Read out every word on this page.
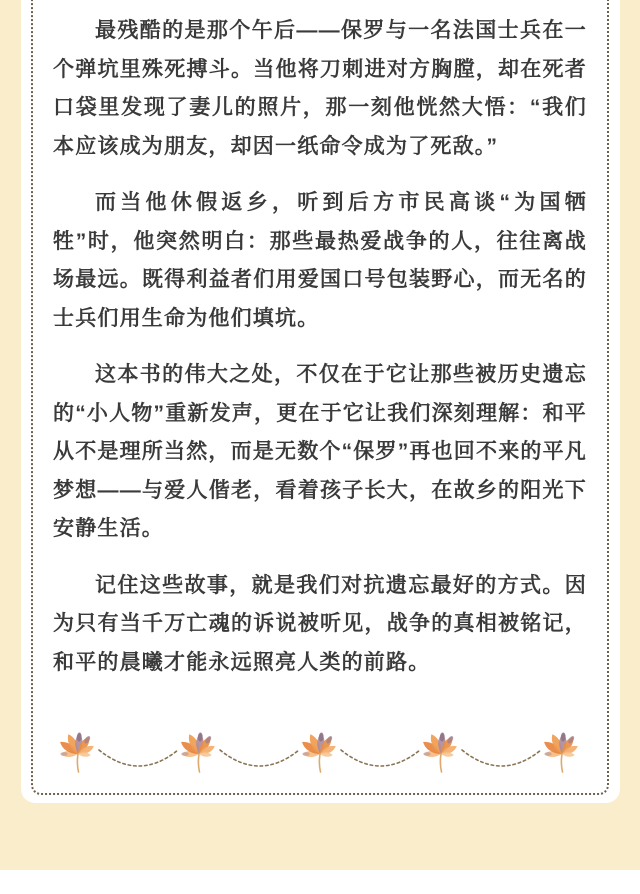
最残酷的是那个午后——保罗与一名法国士兵在一个弹坑里殊死搏斗。当他将刀刺进对方胸膛，却在死者口袋里发现了妻儿的照片，那一刻他恍然大悟：“我们本应该成为朋友，却因一纸命令成为了死敌。”

而当他休假返乡，听到后方市民高谈“为国牺牲”时，他突然明白：那些最热爱战争的人，往往离战场最远。既得利益者们用爱国口号包装野心，而无名的士兵们用生命为他们填坑。

这本书的伟大之处，不仅在于它让那些被历史遗忘的“小人物”重新发声，更在于它让我们深刻理解：和平从不是理所当然，而是无数个“保罗”再也回不来的平凡梦想——与爱人偕老，看着孩子长大，在故乡的阳光下安静生活。

记住这些故事，就是我们对抗遗忘最好的方式。因为只有当千万亡魂的诉说被听见，战争的真相被铭记，和平的晨曦才能永远照亮人类的前路。
